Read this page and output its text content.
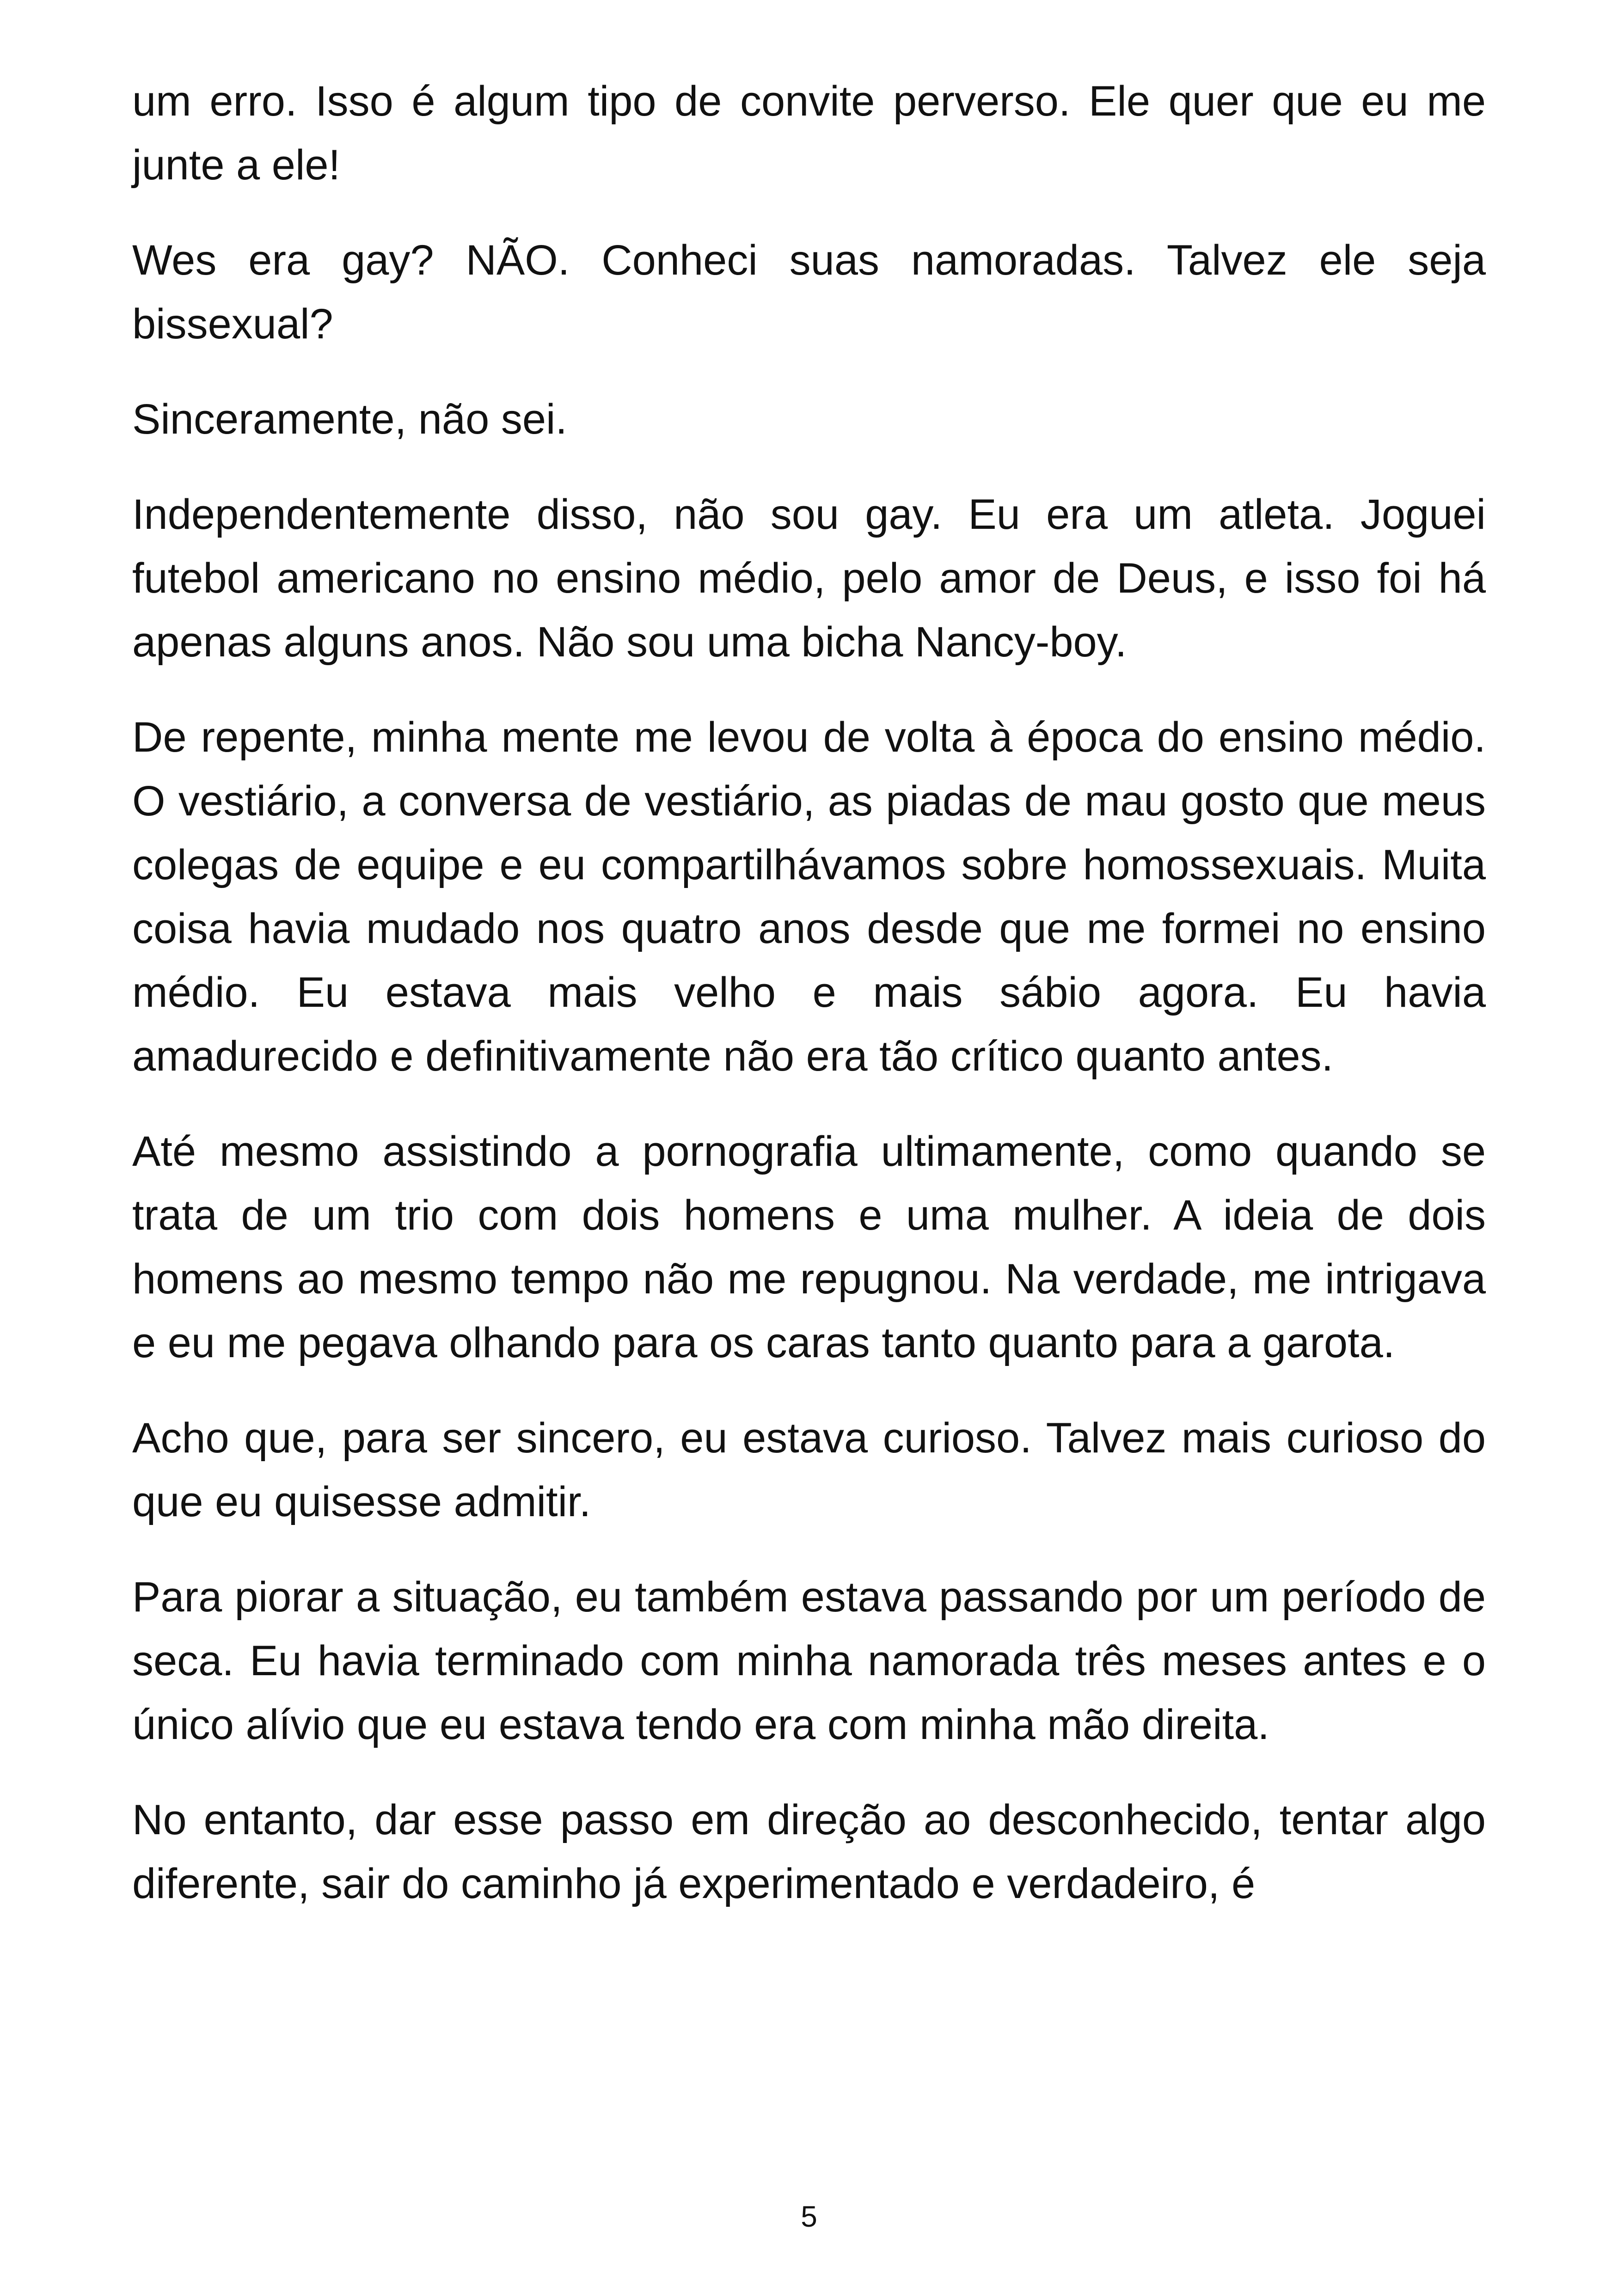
um erro. Isso é algum tipo de convite perverso. Ele quer que eu me junte a ele!

Wes era gay? NÃO. Conheci suas namoradas. Talvez ele seja bissexual?

Sinceramente, não sei.

Independentemente disso, não sou gay. Eu era um atleta. Joguei futebol americano no ensino médio, pelo amor de Deus, e isso foi há apenas alguns anos. Não sou uma bicha Nancy-boy.

De repente, minha mente me levou de volta à época do ensino médio. O vestiário, a conversa de vestiário, as piadas de mau gosto que meus colegas de equipe e eu compartilhávamos sobre homossexuais. Muita coisa havia mudado nos quatro anos desde que me formei no ensino médio. Eu estava mais velho e mais sábio agora. Eu havia amadurecido e definitivamente não era tão crítico quanto antes.

Até mesmo assistindo a pornografia ultimamente, como quando se trata de um trio com dois homens e uma mulher. A ideia de dois homens ao mesmo tempo não me repugnou. Na verdade, me intrigava e eu me pegava olhando para os caras tanto quanto para a garota.

Acho que, para ser sincero, eu estava curioso. Talvez mais curioso do que eu quisesse admitir.

Para piorar a situação, eu também estava passando por um período de seca. Eu havia terminado com minha namorada três meses antes e o único alívio que eu estava tendo era com minha mão direita.

No entanto, dar esse passo em direção ao desconhecido, tentar algo diferente, sair do caminho já experimentado e verdadeiro, é

5
